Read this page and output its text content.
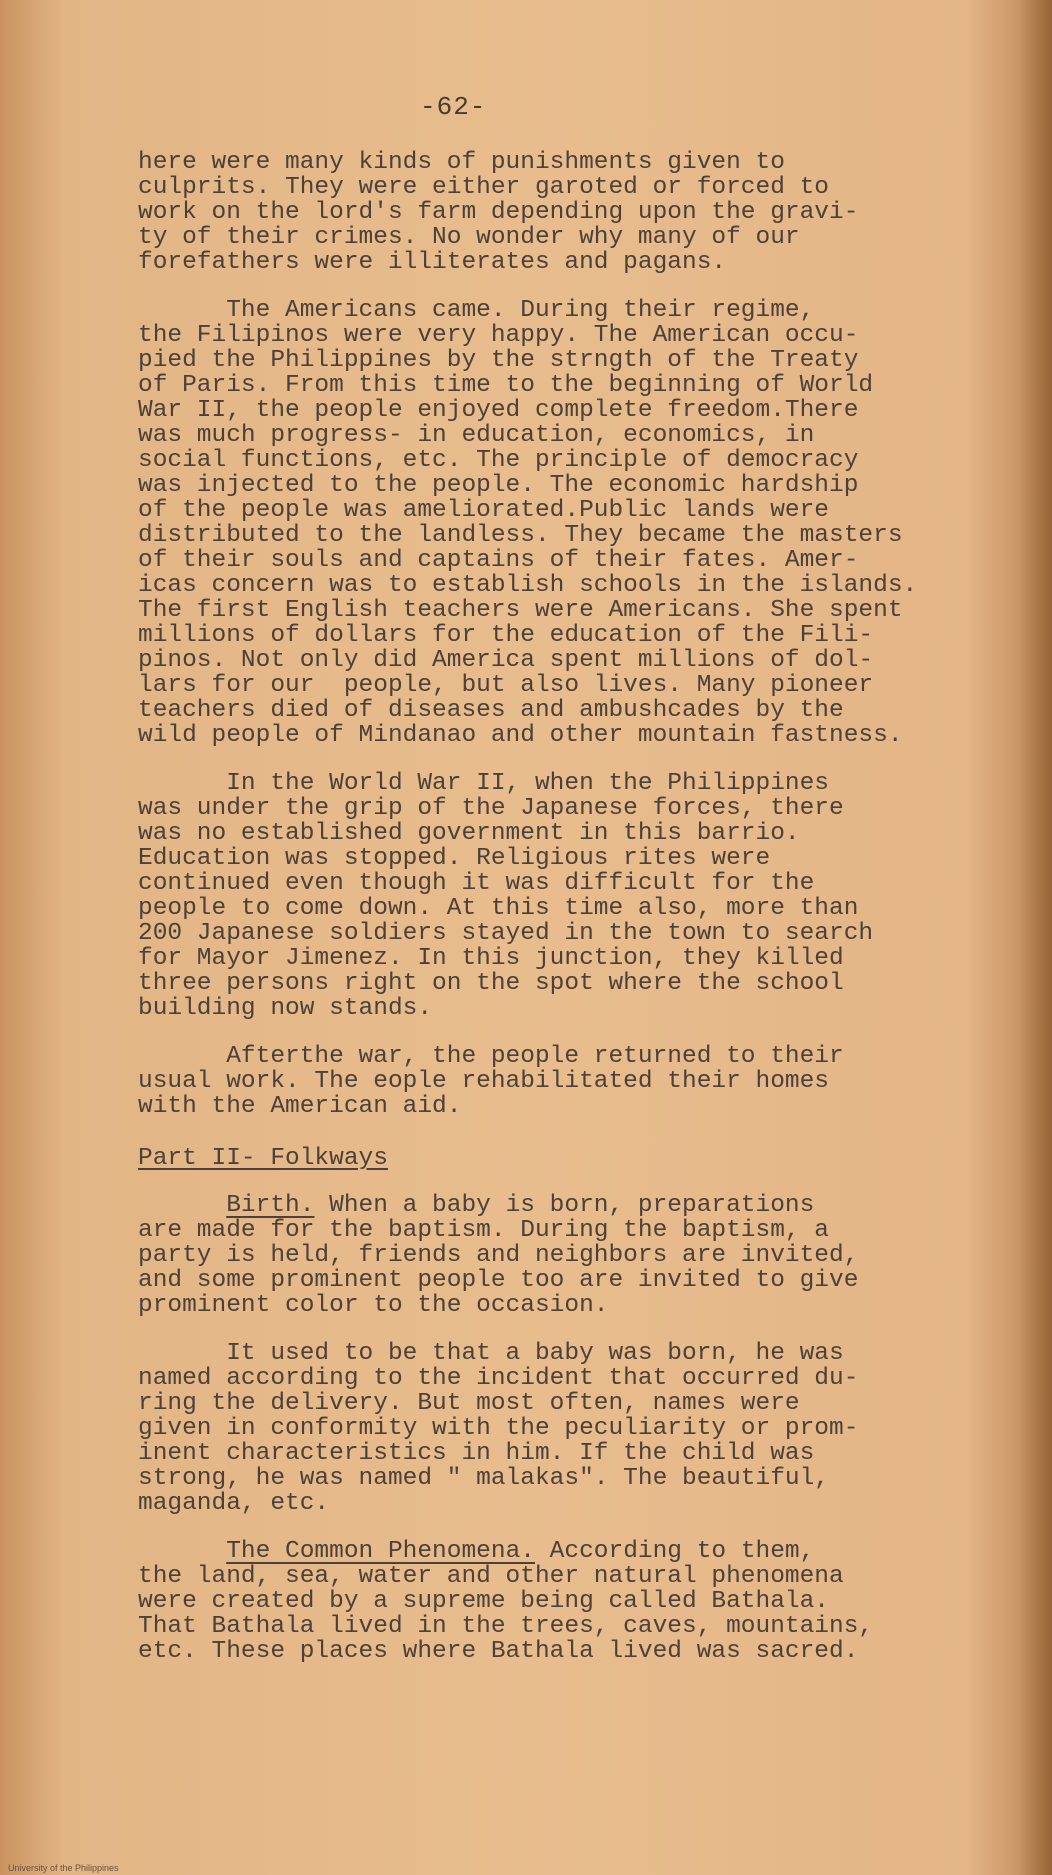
-62-

here were many kinds of punishments given to
culprits. They were either garoted or forced to
work on the lord's farm depending upon the gravi-
ty of their crimes. No wonder why many of our
forefathers were illiterates and pagans.

The Americans came. During their regime,
the Filipinos were very happy. The American occu-
pied the Philippines by the strngth of the Treaty
of Paris. From this time to the beginning of World
War II, the people enjoyed complete freedom.There
was much progress- in education, economics, in
social functions, etc. The principle of democracy
was injected to the people. The economic hardship
of the people was ameliorated.Public lands were
distributed to the landless. They became the masters
of their souls and captains of their fates. Amer-
icas concern was to establish schools in the islands.
The first English teachers were Americans. She spent
millions of dollars for the education of the Fili-
pinos. Not only did America spent millions of dol-
lars for our  people, but also lives. Many pioneer
teachers died of diseases and ambushcades by the
wild people of Mindanao and other mountain fastness.

In the World War II, when the Philippines
was under the grip of the Japanese forces, there
was no established government in this barrio.
Education was stopped. Religious rites were
continued even though it was difficult for the
people to come down. At this time also, more than
200 Japanese soldiers stayed in the town to search
for Mayor Jimenez. In this junction, they killed
three persons right on the spot where the school
building now stands.

Afterthe war, the people returned to their
usual work. The eople rehabilitated their homes
with the American aid.

Part II- Folkways

Birth. When a baby is born, preparations
are made for the baptism. During the baptism, a
party is held, friends and neighbors are invited,
and some prominent people too are invited to give
prominent color to the occasion.

It used to be that a baby was born, he was
named according to the incident that occurred du-
ring the delivery. But most often, names were
given in conformity with the peculiarity or prom-
inent characteristics in him. If the child was
strong, he was named " malakas". The beautiful,
maganda, etc.

The Common Phenomena. According to them,
the land, sea, water and other natural phenomena
were created by a supreme being called Bathala.
That Bathala lived in the trees, caves, mountains,
etc. These places where Bathala lived was sacred.

University of the Philippines
